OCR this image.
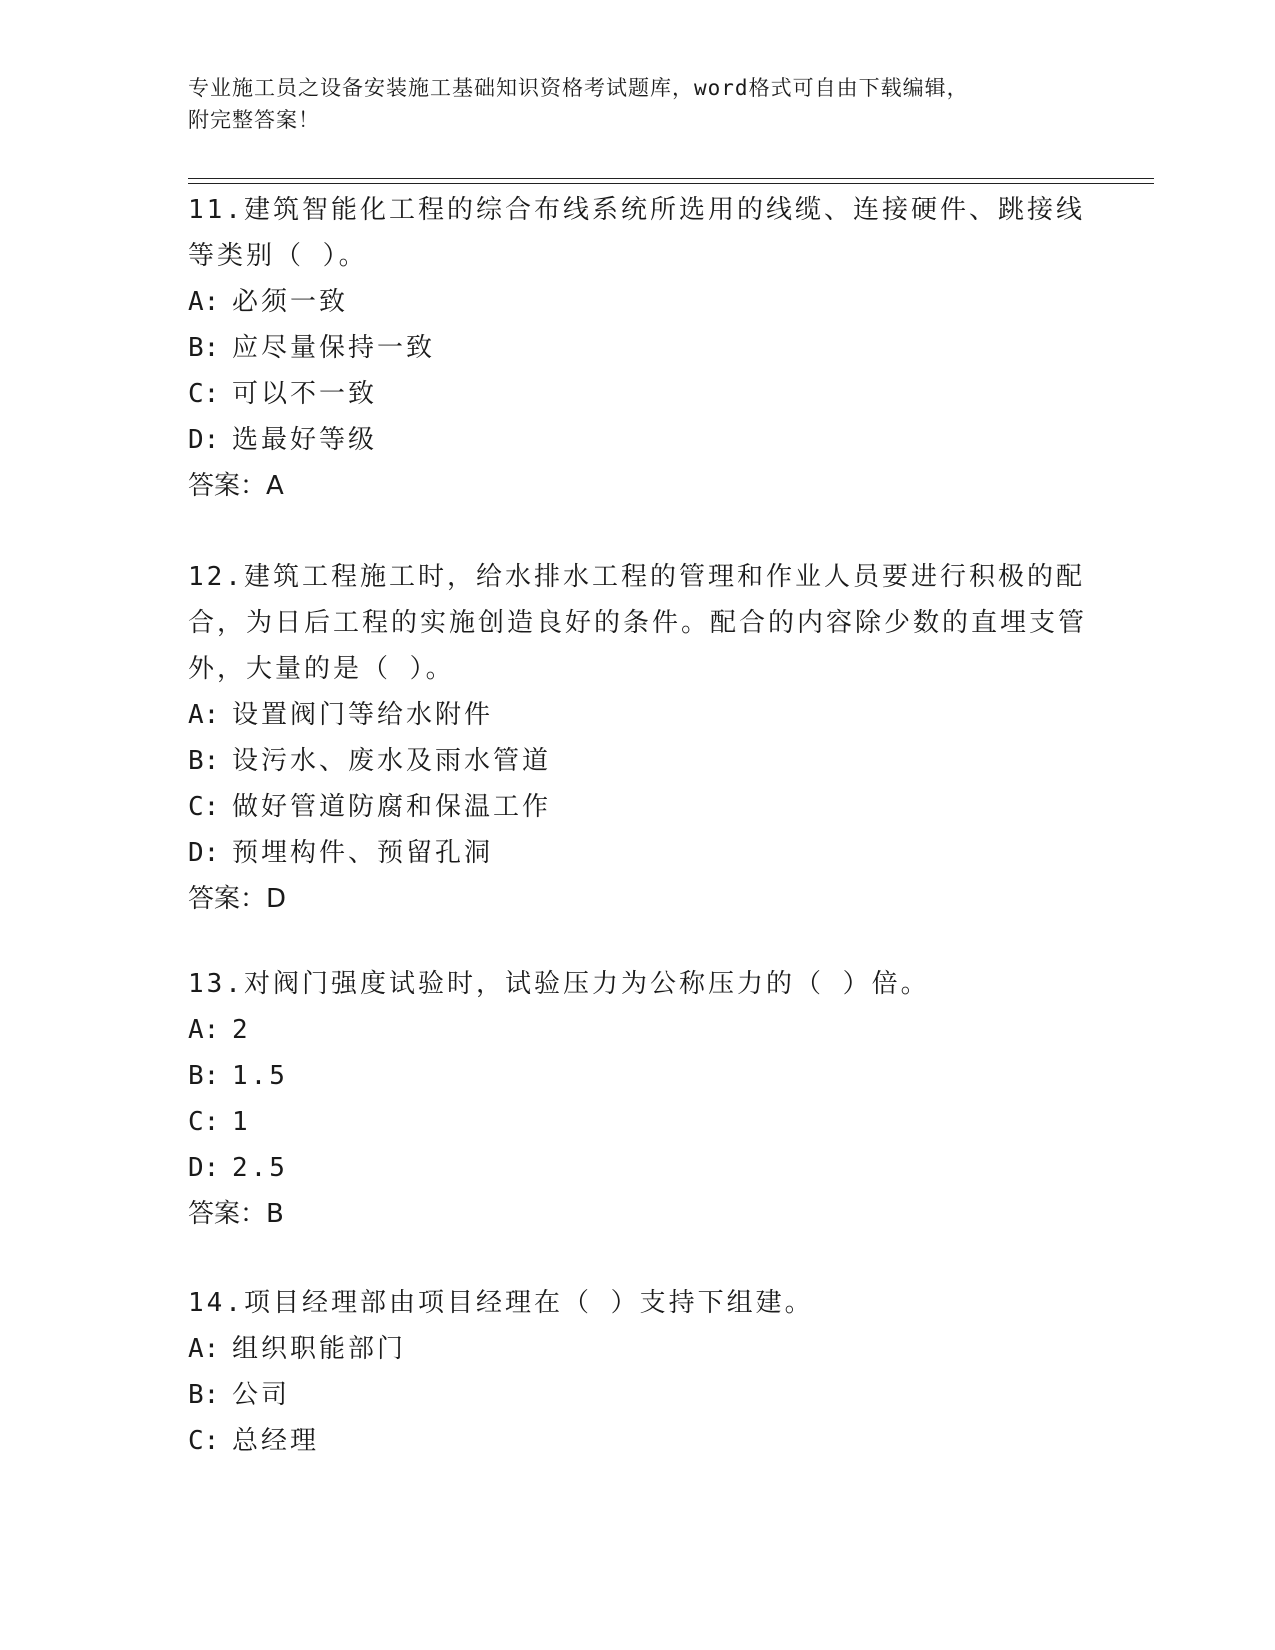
专业施工员之设备安装施工基础知识资格考试题库，word格式可自由下载编辑，
附完整答案！
11.建筑智能化工程的综合布线系统所选用的线缆、连接硬件、跳接线等类别（ ）。
A: 必须一致
B: 应尽量保持一致
C: 可以不一致
D: 选最好等级
答案：A
12.建筑工程施工时，给水排水工程的管理和作业人员要进行积极的配合，为日后工程的实施创造良好的条件。配合的内容除少数的直埋支管外，大量的是（ ）。
A: 设置阀门等给水附件
B: 设污水、废水及雨水管道
C: 做好管道防腐和保温工作
D: 预埋构件、预留孔洞
答案：D
13.对阀门强度试验时，试验压力为公称压力的（ ）倍。
A: 2
B: 1.5
C: 1
D: 2.5
答案：B
14.项目经理部由项目经理在（ ）支持下组建。
A: 组织职能部门
B: 公司
C: 总经理
